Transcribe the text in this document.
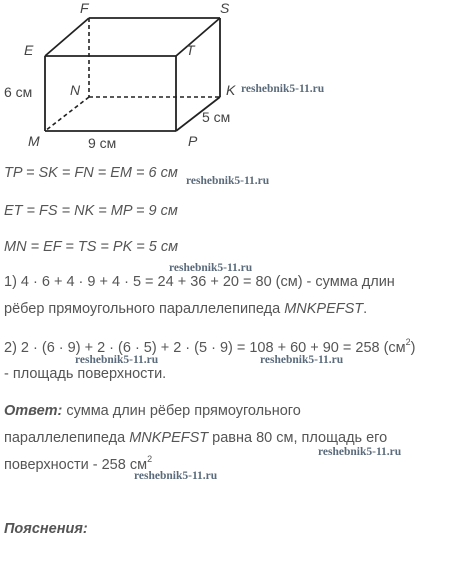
F	S
E	T
N	K
M	P
6 см
9 см
5 см

TP = SK = FN = EM = 6 см

ET = FS = NK = MP = 9 см

MN = EF = TS = PK = 5 см

1) 4 · 6 + 4 · 9 + 4 · 5 = 24 + 36 + 20 = 80 (см) - сумма длин

рёбер прямоугольного параллелепипеда MNKPEFST.

2) 2 · (6 · 9) + 2 · (6 · 5) + 2 · (5 · 9) = 108 + 60 + 90 = 258 $(см^2)$

- площадь поверхности.

Ответ: сумма длин рёбер прямоугольного

параллелепипеда MNKPEFST равна 80 см, площадь его

поверхности - 258 $см^2$

Пояснения:

reshebnik5-11.ru
reshebnik5-11.ru
reshebnik5-11.ru
reshebnik5-11.ru	reshebnik5-11.ru
reshebnik5-11.ru
reshebnik5-11.ru
